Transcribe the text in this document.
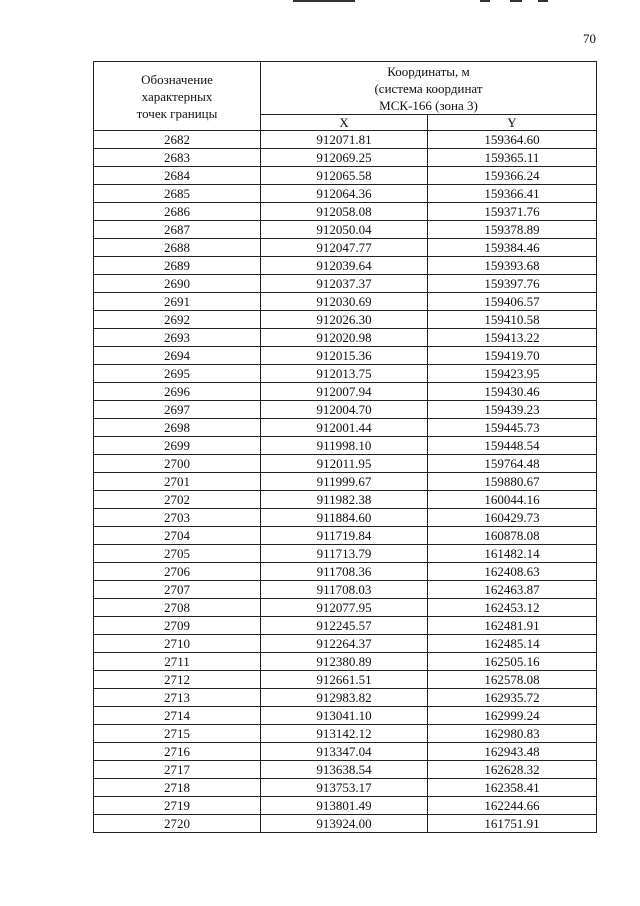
70
Обозначение
характерных
точек границы	Координаты, м
(система координат
МСК-166 (зона 3)	

	X	Y
2682	912071.81	159364.60
2683	912069.25	159365.11
2684	912065.58	159366.24
2685	912064.36	159366.41
2686	912058.08	159371.76
2687	912050.04	159378.89
2688	912047.77	159384.46
2689	912039.64	159393.68
2690	912037.37	159397.76
2691	912030.69	159406.57
2692	912026.30	159410.58
2693	912020.98	159413.22
2694	912015.36	159419.70
2695	912013.75	159423.95
2696	912007.94	159430.46
2697	912004.70	159439.23
2698	912001.44	159445.73
2699	911998.10	159448.54
2700	912011.95	159764.48
2701	911999.67	159880.67
2702	911982.38	160044.16
2703	911884.60	160429.73
2704	911719.84	160878.08
2705	911713.79	161482.14
2706	911708.36	162408.63
2707	911708.03	162463.87
2708	912077.95	162453.12
2709	912245.57	162481.91
2710	912264.37	162485.14
2711	912380.89	162505.16
2712	912661.51	162578.08
2713	912983.82	162935.72
2714	913041.10	162999.24
2715	913142.12	162980.83
2716	913347.04	162943.48
2717	913638.54	162628.32
2718	913753.17	162358.41
2719	913801.49	162244.66
2720	913924.00	161751.91
